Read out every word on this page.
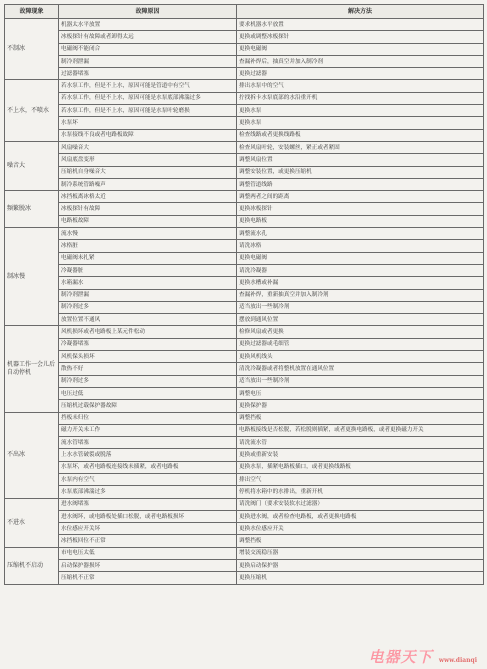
故障现象	故障原因	解决方法
不制冰	机器太水平放置	要求机器水平放置
	冰板探针有故障或者卸得太远	更换或调整冰板探针
	电磁阀不能闭合	更换电磁阀
	制冷剂泄漏	查漏补焊后，抽真空并加入制冷剂
	过滤器堵塞	更换过滤器
不上水，不喷水	若水泵工作，但是不上水，原因可能是管道中有空气	排出水泵中的空气
	若水泵工作，但是不上水，原因可能是水泵底部沸湍过多	拧找拆卡水泵底部的水沿重开机
	若水泵工作，但是不上水，原因可能是水泵叶轮磨损	更换水泵
	水泵坏	更换水泵
	水泵接线不良或者电路板故障	检查线路或者更换线路板
噪音大	风扇噪音大	检查风扇叶轮，安装螺丝，紧正或者紧固
	风扇底盘变形	调整风扇位置
	压缩机自身噪音大	调整安装位置，或更换压缩机
	制冷系统管路噪声	调整管道线路
频繁脱冰	冰挡板离冰格太近	调整两者之间的距离
	冰板探针有故障	更换冰板探针
	电路板故障	更换电路板
制冰慢	流水慢	调整流水孔
	冰格脏	请洗冰格
	电磁阀未扎紧	更换电磁阀
	冷凝器脏	请洗冷凝器
	水箱漏水	更换水槽或补漏
	制冷剂泄漏	查漏补焊，重新抽真空并加入制冷剂
	制冷剂过多	适当放出一些制冷剂
	放置位置不通风	摆放到通风位置
机器工作一会儿后自动停机	风机损坏或者电路板上某元件松动	检修风扇或者更换
	冷凝器堵塞	更换过滤器或毛细管
	风机保头损坏	更换风机线头
	散热不好	清洗冷凝器或者将整机放置在通风位置
	制冷剂过多	适当放出一些制冷剂
	电压过低	调整电压
	压缩机过载保护器故障	更换保护器
不出冰	挡板未归位	调整挡板
	磁力开关未工作	电路板接线是否松脱，若松脱则插紧，或者更换电路板，或者更换磁力开关
	流水管堵塞	请洗流水管
	上水水管破裂或脱落	更换或重新安装
	水泵坏，或者电路板连接线未插紧，或者电路板	更换水泵，插紧电路板插口，或者更换线路板
	水泵内有空气	排出空气
	水泵底部沸湍过多	停机将水箱中的水排出，重新开机
不进水	进水阀堵塞	请洗阀门（要求安装软水过滤器）
	进水阀坏，或电路板处插口松脱，或者电路板损坏	更换进水阀，或者检查电路板，或者更换电路板
	水位感应开关坏	更换水位感应开关
	冰挡板回位不正常	调整挡板
压缩机不启动	市电电压太低	增装交流稳压器
	启动保护器损坏	更换启动保护器
	压缩机不正常	更换压缩机
电器天下 www.dianqi
